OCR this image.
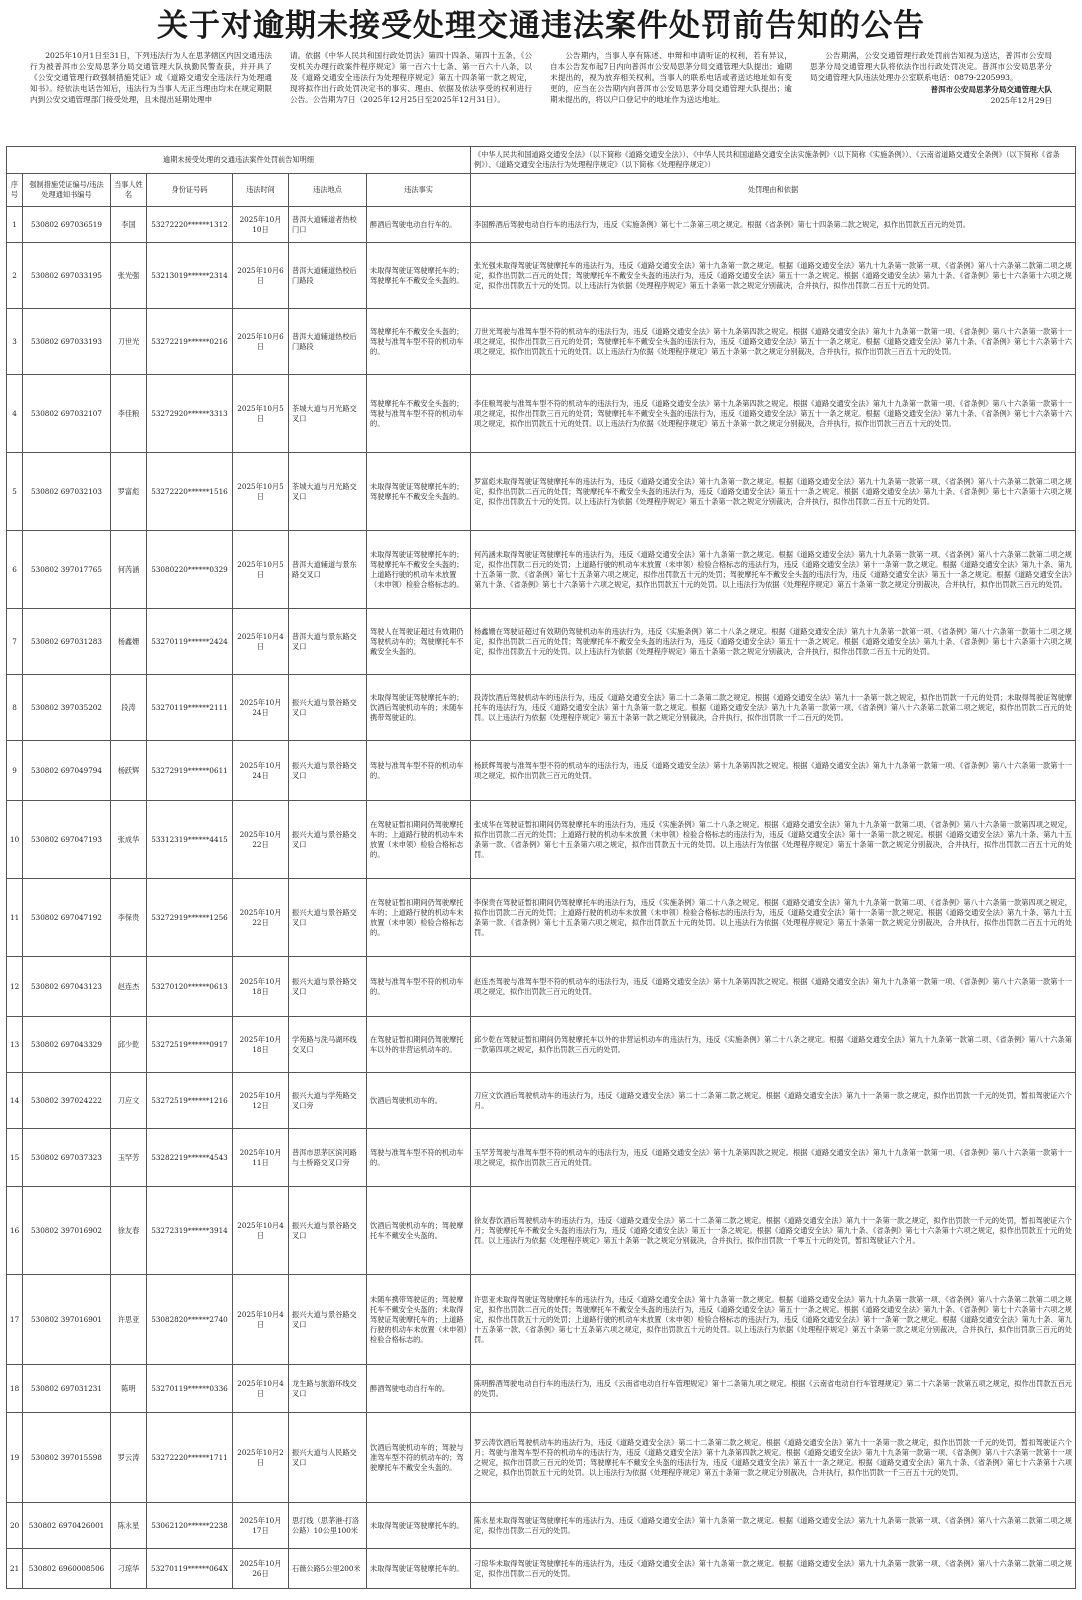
关于对逾期未接受处理交通违法案件处罚前告知的公告

2025年10月1日至31日，下列违法行为人在思茅辖区内因交通违法行为被普洱市公安局思茅分局交通管理大队执勤民警查获，并开具了《公安交通管理行政强制措施凭证》或《道路交通安全违法行为处理通知书》。经依法电话告知后，违法行为当事人无正当理由均未在规定期限内到公安交通管理部门接受处理，且未提出延期处理申

请。依据《中华人民共和国行政处罚法》第四十四条、第四十五条，《公安机关办理行政案件程序规定》第一百六十七条、第一百六十八条，以及《道路交通安全违法行为处理程序规定》第五十四条第一款之规定，现将拟作出行政处罚决定书的事实、理由、依据及依法享受的权利进行公告。公告期为7日（2025年12月25日至2025年12月31日）。

公告期内，当事人享有陈述、申辩和申请听证的权利，若有异议，自本公告发布起7日内向普洱市公安局思茅分局交通管理大队提出；逾期未提出的，视为放弃相关权利。当事人的联系电话或者送达地址如有变更的，应当在公告期内向普洱市公安局思茅分局交通管理大队提出；逾期未提出的，将以户口登记中的地址作为送达地址。

公告期满，公安交通管理行政处罚前告知视为送达，普洱市公安局思茅分局交通管理大队将依法作出行政处罚决定。普洱市公安局思茅分局交通管理大队违法处理办公室联系电话：0879-2205993。

普洱市公安局思茅分局交通管理大队
2025年12月29日
逾期未接受处理的交通违法案件处罚前告知明细							《中华人民共和国道路交通安全法》（以下简称《道路交通安全法》）、《中华人民共和国道路交通安全法实施条例》（以下简称《实施条例》）、《云南省道路交通安全条例》（以下简称《省条例》）、《道路交通安全违法行为处理程序规定》（以下简称《处理程序规定》）
序号	强制措施凭证编号/违法处理通知书编号	当事人姓名	身份证号码	违法时间	违法地点	违法事实	处罚理由和依据
1	530802 697036519	李国	53272220******1312	2025年10月10日	普洱大道辅道者热校门口	醉酒后驾驶电动自行车的。	李国醉酒后驾驶电动自行车的违法行为，违反《实施条例》第七十二条第三项之规定。根据《省条例》第七十四条第二款之规定，拟作出罚款五百元的处罚。
2	530802 697033195	张光强	53213019******2314	2025年10月6日	普洱大道辅道热校后门路段	未取得驾驶证驾驶摩托车的；驾驶摩托车不戴安全头盔的。	张光强未取得驾驶证驾驶摩托车的违法行为，违反《道路交通安全法》第十九条第一款之规定。根据《道路交通安全法》第九十九条第一款第一项、《省条例》第八十六条第二款第二项之规定，拟作出罚款二百元的处罚；驾驶摩托车不戴安全头盔的违法行为，违反《道路交通安全法》第五十一条之规定。根据《道路交通安全法》第九十条、《省条例》第七十六条第十六项之规定，拟作出罚款五十元的处罚。以上违法行为依据《处理程序规定》第五十条第一款之规定分别裁决，合并执行，拟作出罚款二百五十元的处罚。
3	530802 697033193	刀世光	53272219******0216	2025年10月6日	普洱大道辅道热校后门路段	驾驶摩托车不戴安全头盔的；驾驶与准驾车型不符的机动车的。	刀世光驾驶与准驾车型不符的机动车的违法行为，违反《道路交通安全法》第十九条第四款之规定。根据《道路交通安全法》第九十九条第一款第一项、《省条例》第八十六条第一款第十一项之规定，拟作出罚款三百元的处罚；驾驶摩托车不戴安全头盔的违法行为，违反《道路交通安全法》第五十一条之规定。根据《道路交通安全法》第九十条、《省条例》第七十六条第十六项之规定，拟作出罚款五十元的处罚。以上违法行为依据《处理程序规定》第五十条第一款之规定分别裁决，合并执行，拟作出罚款三百五十元的处罚。
4	530802 697032107	李佳粮	53272920******3313	2025年10月5日	茶城大道与月光路交叉口	驾驶摩托车不戴安全头盔的；驾驶与准驾车型不符的机动车的。	李佳粮驾驶与准驾车型不符的机动车的违法行为，违反《道路交通安全法》第十九条第四款之规定。根据《道路交通安全法》第九十九条第一款第一项、《省条例》第八十六条第一款第十一项之规定，拟作出罚款三百元的处罚；驾驶摩托车不戴安全头盔的违法行为，违反《道路交通安全法》第五十一条之规定。根据《道路交通安全法》第九十条、《省条例》第七十六条第十六项之规定，拟作出罚款五十元的处罚。以上违法行为依据《处理程序规定》第五十条第一款之规定分别裁决，合并执行，拟作出罚款三百五十元的处罚。
5	530802 697032103	罗富彪	53272220******1516	2025年10月5日	茶城大道与月光路交叉口	未取得驾驶证驾驶摩托车的；驾驶摩托车不戴安全头盔的。	罗富彪未取得驾驶证驾驶摩托车的违法行为，违反《道路交通安全法》第十九条第一款之规定。根据《道路交通安全法》第九十九条第一款第一项、《省条例》第八十六条第二款第二项之规定，拟作出罚款二百元的处罚；驾驶摩托车不戴安全头盔的违法行为，违反《道路交通安全法》第五十一条之规定。根据《道路交通安全法》第九十条、《省条例》第七十六条第十六项之规定，拟作出罚款五十元的处罚。以上违法行为依据《处理程序规定》第五十条第一款之规定分别裁决，合并执行，拟作出罚款二百五十元的处罚。
6	530802 397017765	何芮涵	53080220******0329	2025年10月5日	普洱大道辅道与景东路交叉口	未取得驾驶证驾驶摩托车的；驾驶摩托车不戴安全头盔的；上道路行驶的机动车未放置（未申领）检验合格标志的。	何芮涵未取得驾驶证驾驶摩托车的违法行为，违反《道路交通安全法》第十九条第一款之规定。根据《道路交通安全法》第九十九条第一款第一项、《省条例》第八十六条第二款第二项之规定，拟作出罚款二百元的处罚；上道路行驶的机动车未放置（未申领）检验合格标志的违法行为，违反《道路交通安全法》第十一条第一款之规定。根据《道路交通安全法》第九十条、第九十五条第一款、《省条例》第七十五条第六项之规定，拟作出罚款五十元的处罚；驾驶摩托车不戴安全头盔的违法行为，违反《道路交通安全法》第五十一条之规定。根据《道路交通安全法》第九十条、《省条例》第七十六条第十六项之规定，拟作出罚款五十元的处罚。以上违法行为依据《处理程序规定》第五十条第一款之规定分别裁决，合并执行，拟作出罚款三百元的处罚。
7	530802 697031283	杨鑫姗	53270119******2424	2025年10月4日	普洱大道与景东路交叉口	驾驶人在驾驶证超过有效期仍驾驶机动车的；驾驶摩托车不戴安全头盔的。	杨鑫姗在驾驶证超过有效期仍驾驶机动车的违法行为，违反《实施条例》第二十八条之规定。根据《道路交通安全法》第九十九条第一款第一项、《省条例》第八十六条第一款第十二项之规定，拟作出罚款二百元的处罚；驾驶摩托车不戴安全头盔的违法行为，违反《道路交通安全法》第五十一条之规定。根据《道路交通安全法》第九十条、《省条例》第七十六条第十六项之规定，拟作出罚款五十元的处罚。以上违法行为依据《处理程序规定》第五十条第一款之规定分别裁决，合并执行，拟作出罚款二百五十元的处罚。
8	530802 397035202	段涛	53270119******2111	2025年10月24日	振兴大道与景谷路交叉口	未取得驾驶证驾驶摩托车的；饮酒后驾驶机动车的；未随车携带驾驶证的。	段涛饮酒后驾驶机动车的违法行为，违反《道路交通安全法》第二十二条第二款之规定。根据《道路交通安全法》第九十一条第一款之规定，拟作出罚款一千元的处罚；未取得驾驶证驾驶摩托车的违法行为，违反《道路交通安全法》第十九条第一款之规定。根据《道路交通安全法》第九十九条第一款第一项、《省条例》第八十六条第二款第二项之规定，拟作出罚款二百元的处罚。以上违法行为依据《处理程序规定》第五十条第一款之规定分别裁决，合并执行，拟作出罚款一千二百元的处罚。
9	530802 697049794	杨跃辉	53272919******0611	2025年10月24日	振兴大道与景谷路交叉口	驾驶与准驾车型不符的机动车的。	杨跃辉驾驶与准驾车型不符的机动车的违法行为，违反《道路交通安全法》第十九条第四款之规定。根据《道路交通安全法》第九十九条第一款第一项、《省条例》第八十六条第一款第十一项之规定，拟作出罚款三百元的处罚。
10	530802 697047193	张成华	53312319******4415	2025年10月22日	振兴大道与景谷路交叉口	在驾驶证暂扣期间仍驾驶摩托车的；上道路行驶的机动车未放置（未申领）检验合格标志的。	张成华在驾驶证暂扣期间仍驾驶摩托车的违法行为，违反《实施条例》第二十八条之规定。根据《道路交通安全法》第九十九条第一款第二项、《省条例》第八十六条第一款第四项之规定，拟作出罚款二百元的处罚；上道路行驶的机动车未放置（未申领）检验合格标志的违法行为，违反《道路交通安全法》第十一条第一款之规定。根据《道路交通安全法》第九十条、第九十五条第一款、《省条例》第七十五条第六项之规定，拟作出罚款五十元的处罚。以上违法行为依据《处理程序规定》第五十条第一款之规定分别裁决，合并执行，拟作出罚款二百五十元的处罚。
11	530802 697047192	李保贵	53272919******1256	2025年10月22日	振兴大道与景谷路交叉口	在驾驶证暂扣期间仍驾驶摩托车的；上道路行驶的机动车未放置（未申领）检验合格标志的。	李保贵在驾驶证暂扣期间仍驾驶摩托车的违法行为，违反《实施条例》第二十八条之规定。根据《道路交通安全法》第九十九条第一款第二项、《省条例》第八十六条第一款第四项之规定，拟作出罚款二百元的处罚；上道路行驶的机动车未放置（未申领）检验合格标志的违法行为，违反《道路交通安全法》第十一条第一款之规定。根据《道路交通安全法》第九十条、第九十五条第一款、《省条例》第七十五条第六项之规定，拟作出罚款五十元的处罚。以上违法行为依据《处理程序规定》第五十条第一款之规定分别裁决，合并执行，拟作出罚款二百五十元的处罚。
12	530802 697043123	赵连杰	53270120******0613	2025年10月18日	振兴大道与景谷路交叉口	驾驶与准驾车型不符的机动车的。	赵连杰驾驶与准驾车型不符的机动车的违法行为，违反《道路交通安全法》第十九条第四款之规定。根据《道路交通安全法》第九十九条第一款第一项、《省条例》第八十六条第一款第十一项之规定，拟作出罚款三百元的处罚。
13	530802 697043329	邱少乾	53272519******0917	2025年10月18日	学苑路与洗马湖环线交叉口	在驾驶证暂扣期间仍驾驶摩托车以外的非营运机动车的。	邱少乾在驾驶证暂扣期间仍驾驶摩托车以外的非营运机动车的违法行为，违反《实施条例》第二十八条之规定。根据《道路交通安全法》第九十九条第一款第二项、《省条例》第八十六条第一款第四项之规定，拟作出罚款三百元的处罚。
14	530802 397024222	刀应文	53272519******1216	2025年10月12日	振兴大道与学苑路交叉口旁	饮酒后驾驶机动车的。	刀应文饮酒后驾驶机动车的违法行为，违反《道路交通安全法》第二十二条第二款之规定。根据《道路交通安全法》第九十一条第一款之规定，拟作出罚款一千元的处罚，暂扣驾驶证六个月。
15	530802 697037323	玉罕芳	53282219******4543	2025年10月11日	普洱市思茅区滨河路与土桥路交叉口旁	驾驶与准驾车型不符的机动车的。	玉罕芳驾驶与准驾车型不符的机动车的违法行为，违反《道路交通安全法》第十九条第四款之规定。根据《道路交通安全法》第九十九条第一款第一项、《省条例》第八十六条第一款第十一项之规定，拟作出罚款三百元的处罚。
16	530802 397016902	徐友春	53272319******3914	2025年10月4日	振兴大道与景谷路交叉口	饮酒后驾驶机动车的；驾驶摩托车不戴安全头盔的。	徐友春饮酒后驾驶机动车的违法行为，违反《道路交通安全法》第二十二条第二款之规定。根据《道路交通安全法》第九十一条第一款之规定，拟作出罚款一千元的处罚，暂扣驾驶证六个月；驾驶摩托车不戴安全头盔的违法行为，违反《道路交通安全法》第五十一条之规定。根据《道路交通安全法》第九十条、《省条例》第七十六条第十六项之规定，拟作出罚款五十元的处罚。以上违法行为依据《处理程序规定》第五十条第一款之规定分别裁决，合并执行，拟作出罚款一千零五十元的处罚，暂扣驾驶证六个月。
17	530802 397016901	许思亚	53082820******2740	2025年10月4日	振兴大道与景谷路交叉口	未随车携带驾驶证的；驾驶摩托车不戴安全头盔的；未取得驾驶证驾驶摩托车的；上道路行驶的机动车未放置（未申领）检验合格标志的。	许思亚未取得驾驶证驾驶摩托车的违法行为，违反《道路交通安全法》第十九条第一款之规定。根据《道路交通安全法》第九十九条第一款第一项、《省条例》第八十六条第二款第二项之规定，拟作出罚款二百元的处罚；驾驶摩托车不戴安全头盔的违法行为，违反《道路交通安全法》第五十一条之规定。根据《道路交通安全法》第九十条、《省条例》第七十六条第十六项之规定，拟作出罚款五十元的处罚；上道路行驶的机动车未放置（未申领）检验合格标志的违法行为，违反《道路交通安全法》第十一条第一款之规定。根据《道路交通安全法》第九十条、第九十五条第一款、《省条例》第七十五条第六项之规定，拟作出罚款五十元的处罚。以上违法行为依据《处理程序规定》第五十条第一款之规定分别裁决，合并执行，拟作出罚款三百元的处罚。
18	530802 697031231	陈明	53270119******0336	2025年10月4日	龙生路与旅游环线交叉口	醉酒驾驶电动自行车的。	陈明醉酒驾驶电动自行车的违法行为，违反《云南省电动自行车管理规定》第十二条第九项之规定。根据《云南省电动自行车管理规定》第二十六条第一款第五项之规定，拟作出罚款五百元的处罚。
19	530802 397015598	罗云涛	53272220******1711	2025年10月2日	振兴大道与人民路交叉口	饮酒后驾驶机动车的；驾驶与准驾车型不符的机动车的；驾驶摩托车不戴安全头盔的。	罗云涛饮酒后驾驶机动车的违法行为，违反《道路交通安全法》第二十二条第二款之规定。根据《道路交通安全法》第九十一条第一款之规定，拟作出罚款一千元的处罚，暂扣驾驶证六个月；驾驶与准驾车型不符的机动车的违法行为，违反《道路交通安全法》第十九条第四款之规定。根据《道路交通安全法》第九十九条第一款第一项、《省条例》第八十六条第一款第十一项之规定，拟作出罚款三百元的处罚；驾驶摩托车不戴安全头盔的违法行为，违反《道路交通安全法》第五十一条之规定。根据《道路交通安全法》第九十条、《省条例》第七十六条第十六项之规定，拟作出罚款五十元的处罚。以上违法行为依据《处理程序规定》第五十条第一款之规定分别裁决，合并执行，拟作出罚款一千三百五十元的处罚。
20	530802 6970426001	陈永星	53062120******2238	2025年10月17日	思打线（思茅港-打洛公路）10公里100米	未取得驾驶证驾驶摩托车的。	陈永星未取得驾驶证驾驶摩托车的违法行为，违反《道路交通安全法》第十九条第一款之规定。根据《道路交通安全法》第九十九条第一款第一项、《省条例》第八十六条第二款第二项之规定，拟作出罚款二百元的处罚。
21	530802 6960008506	刁琼华	53270119******064X	2025年10月26日	石薇公路5公里200米	未取得驾驶证驾驶摩托车的。	刁琼华未取得驾驶证驾驶摩托车的违法行为，违反《道路交通安全法》第十九条第一款之规定。根据《道路交通安全法》第九十九条第一款第一项、《省条例》第八十六条第二款第二项之规定，拟作出罚款二百元的处罚。
